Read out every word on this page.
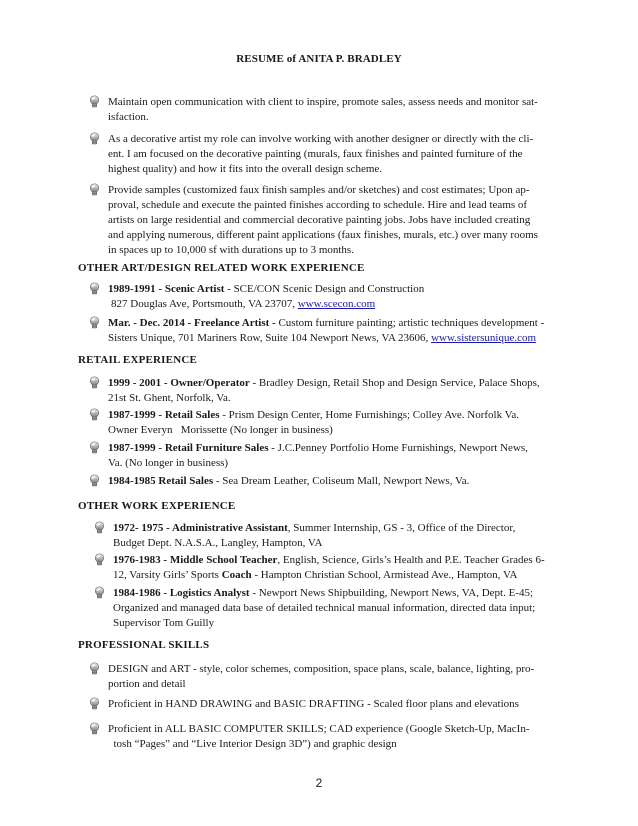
RESUME of ANITA P. BRADLEY

Maintain open communication with client to inspire, promote sales, assess needs and monitor sat-

isfaction.

As a decorative artist my role can involve working with another designer or directly with the cli-

ent. I am focused on the decorative painting (murals, faux finishes and painted furniture of the

highest quality) and how it fits into the overall design scheme.

Provide samples (customized faux finish samples and/or sketches) and cost estimates; Upon ap-

proval, schedule and execute the painted finishes according to schedule. Hire and lead teams of

artists on large residential and commercial decorative painting jobs. Jobs have included creating

and applying numerous, different paint applications (faux finishes, murals, etc.) over many rooms

in spaces up to 10,000 sf with durations up to 3 months.

OTHER ART/DESIGN RELATED WORK EXPERIENCE

1989-1991 - Scenic Artist - SCE/CON Scenic Design and Construction

827 Douglas Ave, Portsmouth, VA 23707, www.scecon.com

Mar. - Dec. 2014 - Freelance Artist - Custom furniture painting; artistic techniques development -

Sisters Unique, 701 Mariners Row, Suite 104 Newport News, VA 23606, www.sistersunique.com

RETAIL EXPERIENCE

1999 - 2001 - Owner/Operator - Bradley Design, Retail Shop and Design Service, Palace Shops,

21st St. Ghent, Norfolk, Va.

1987-1999 - Retail Sales - Prism Design Center, Home Furnishings; Colley Ave. Norfolk Va.

Owner Everyn   Morissette (No longer in business)

1987-1999 - Retail Furniture Sales - J.C.Penney Portfolio Home Furnishings, Newport News,

Va. (No longer in business)

1984-1985 Retail Sales - Sea Dream Leather, Coliseum Mall, Newport News, Va.

OTHER WORK EXPERIENCE

1972- 1975 - Administrative Assistant, Summer Internship, GS - 3, Office of the Director,

Budget Dept. N.A.S.A., Langley, Hampton, VA

1976-1983 - Middle School Teacher, English, Science, Girls’s Health and P.E. Teacher Grades 6-

12, Varsity Girls’ Sports Coach - Hampton Christian School, Armistead Ave., Hampton, VA

1984-1986 - Logistics Analyst - Newport News Shipbuilding, Newport News, VA, Dept. E-45;

Organized and managed data base of detailed technical manual information, directed data input;

Supervisor Tom Guilly

PROFESSIONAL SKILLS

DESIGN and ART - style, color schemes, composition, space plans, scale, balance, lighting, pro-

portion and detail

Proficient in HAND DRAWING and BASIC DRAFTING - Scaled floor plans and elevations

Proficient in ALL BASIC COMPUTER SKILLS; CAD experience (Google Sketch-Up, MacIn-

tosh “Pages” and “Live Interior Design 3D”) and graphic design

2
